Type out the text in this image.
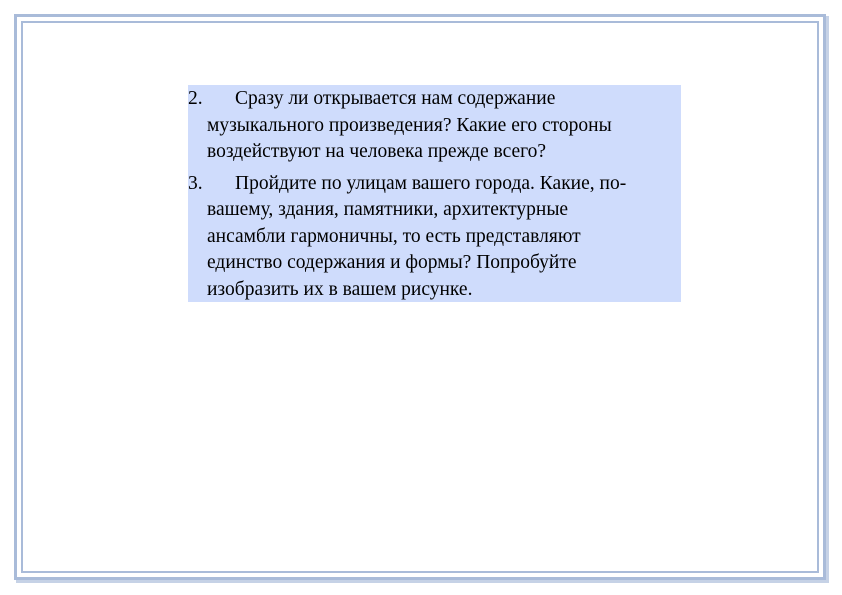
2. Сразу ли открывается нам содержание
музыкального произведения? Какие его стороны
воздействуют на человека прежде всего?
3. Пройдите по улицам вашего города. Какие, по-
вашему, здания, памятники, архитектурные
ансамбли гармоничны, то есть представляют
единство содержания и формы? Попробуйте
изобразить их в вашем рисунке.
